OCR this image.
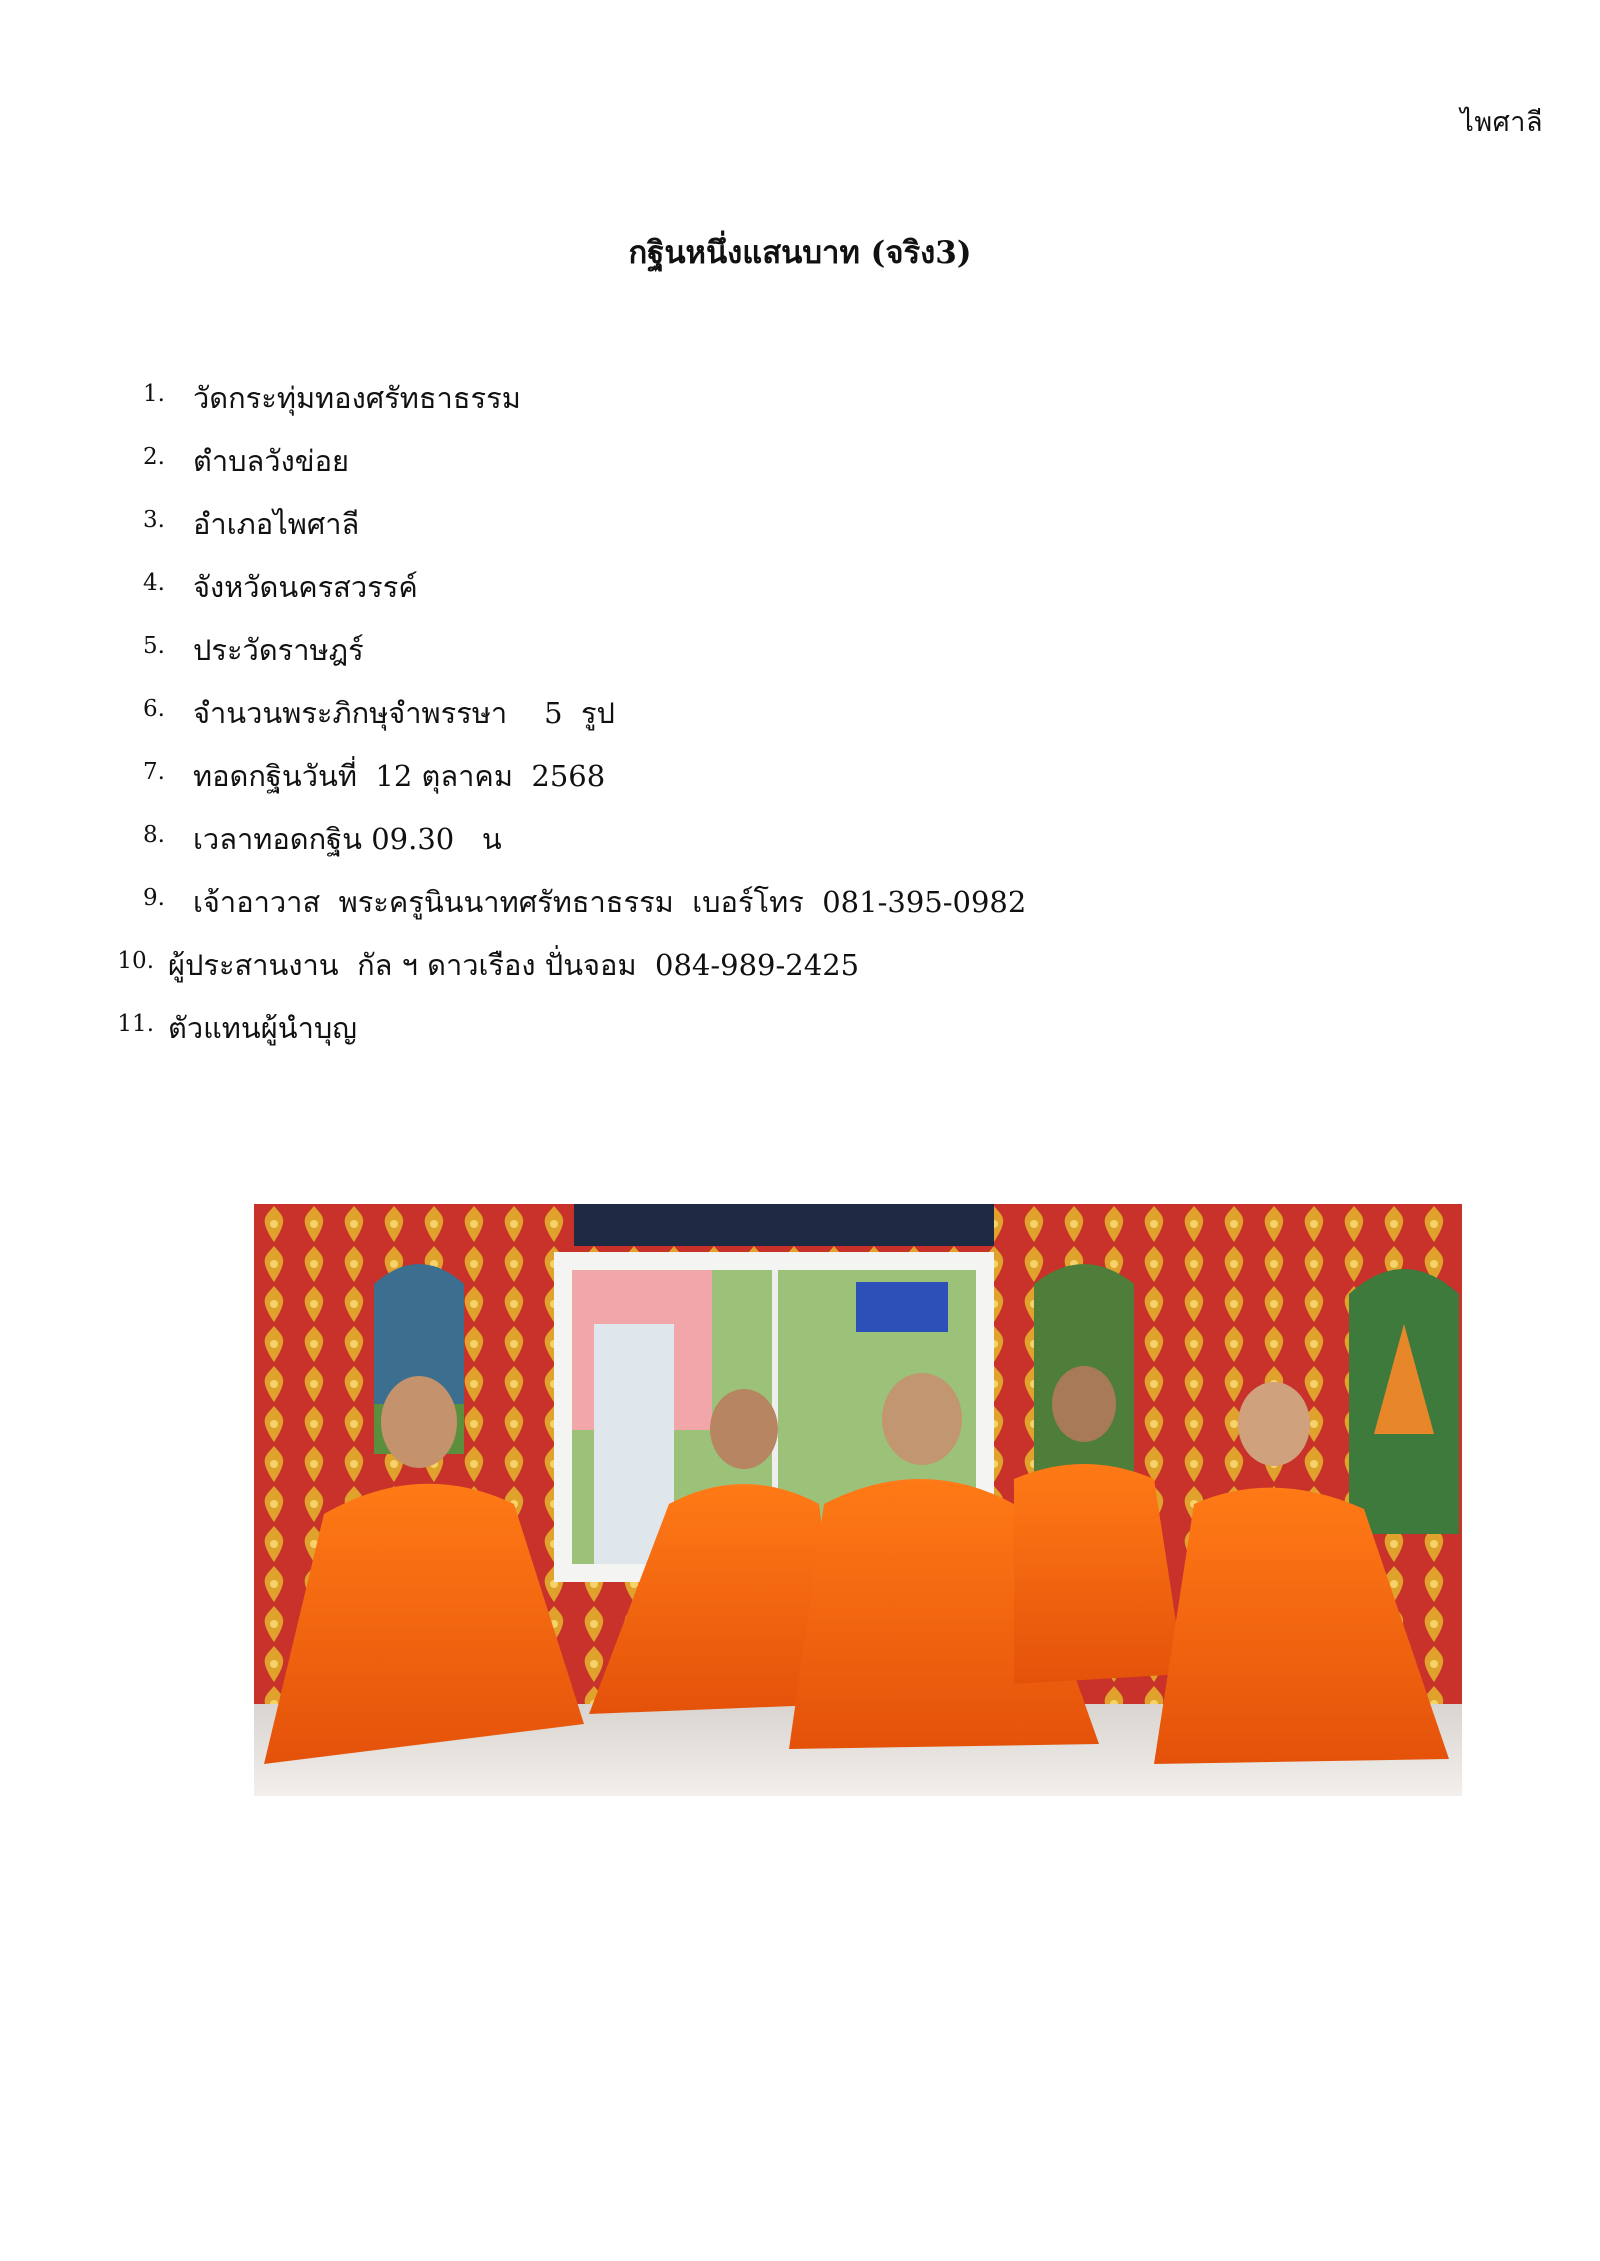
ไพศาลี
กฐินหนึ่งแสนบาท (จริง3)
1. วัดกระทุ่มทองศรัทธาธรรม
2. ตำบลวังข่อย
3. อำเภอไพศาลี
4. จังหวัดนครสวรรค์
5. ประวัดราษฎร์
6. จำนวนพระภิกษุจำพรรษา    5  รูป
7. ทอดกฐินวันที่  12 ตุลาคม  2568
8. เวลาทอดกฐิน 09.30   น
9. เจ้าอาวาส  พระครูนินนาทศรัทธาธรรม  เบอร์โทร  081-395-0982
10. ผู้ประสานงาน  กัล ฯ ดาวเรือง ปั่นจอม  084-989-2425
11. ตัวแทนผู้นำบุญ
